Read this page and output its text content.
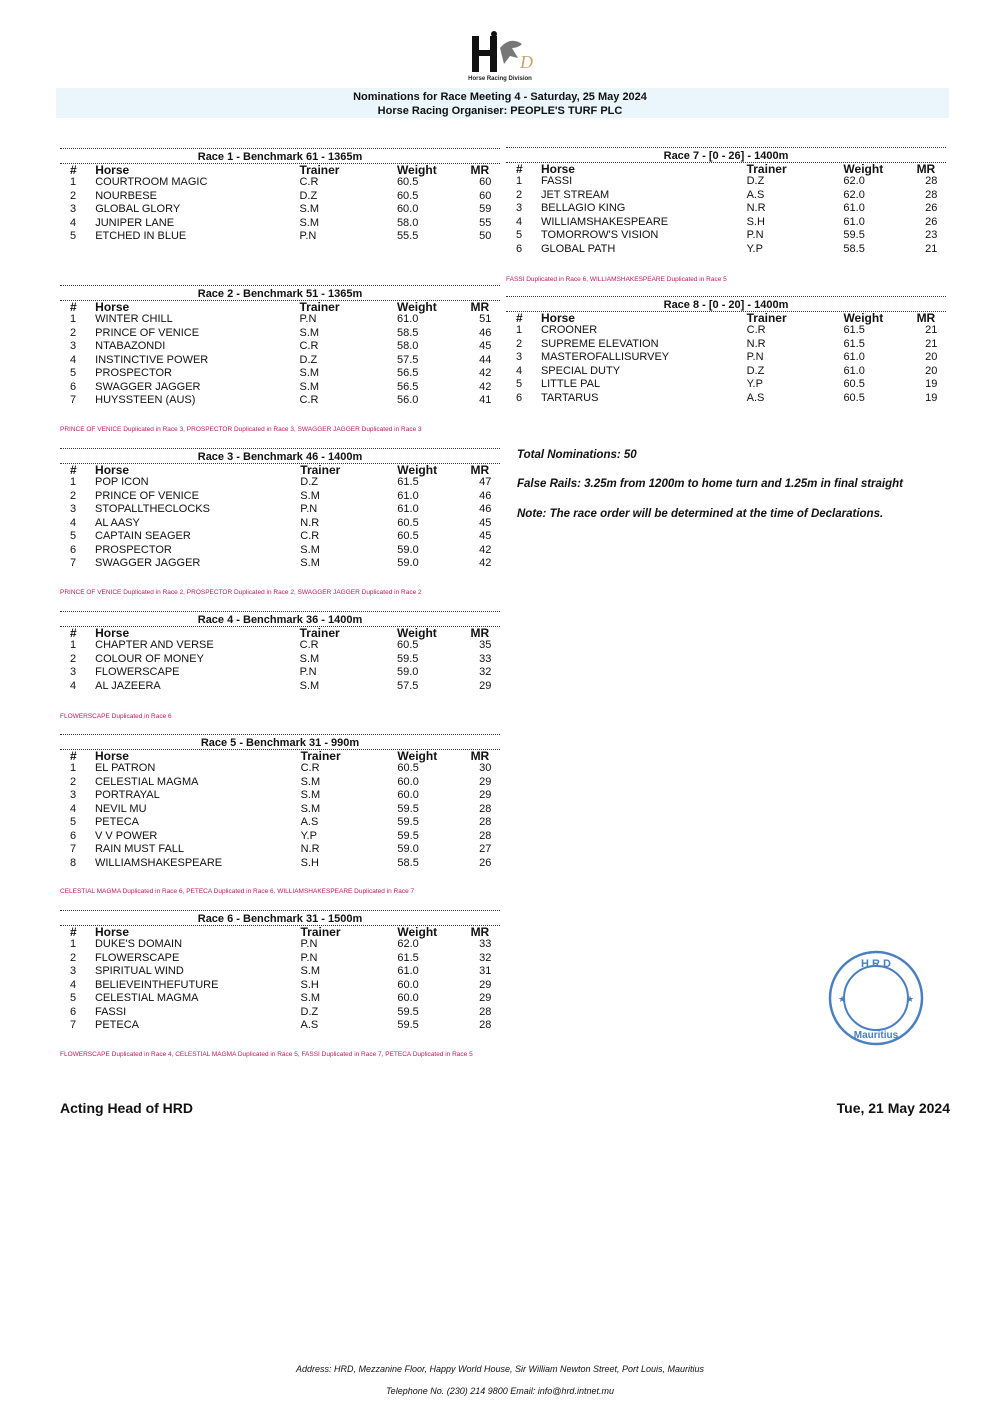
D
Horse Racing Division
Nominations for Race Meeting 4 - Saturday, 25 May 2024
Horse Racing Organiser: PEOPLE'S TURF PLC
Race 1 - Benchmark 61 - 1365m
#	Horse	Trainer	Weight	MR
1	COURTROOM MAGIC	C.R	60.5	60
2	NOURBESE	D.Z	60.5	60
3	GLOBAL GLORY	S.M	60.0	59
4	JUNIPER LANE	S.M	58.0	55
5	ETCHED IN BLUE	P.N	55.5	50
Race 2 - Benchmark 51 - 1365m
#	Horse	Trainer	Weight	MR
1	WINTER CHILL	P.N	61.0	51
2	PRINCE OF VENICE	S.M	58.5	46
3	NTABAZONDI	C.R	58.0	45
4	INSTINCTIVE POWER	D.Z	57.5	44
5	PROSPECTOR	S.M	56.5	42
6	SWAGGER JAGGER	S.M	56.5	42
7	HUYSSTEEN (AUS)	C.R	56.0	41
PRINCE OF VENICE Duplicated in Race 3, PROSPECTOR Duplicated in Race 3, SWAGGER JAGGER Duplicated in Race 3
Race 3 - Benchmark 46 - 1400m
#	Horse	Trainer	Weight	MR
1	POP ICON	D.Z	61.5	47
2	PRINCE OF VENICE	S.M	61.0	46
3	STOPALLTHECLOCKS	P.N	61.0	46
4	AL AASY	N.R	60.5	45
5	CAPTAIN SEAGER	C.R	60.5	45
6	PROSPECTOR	S.M	59.0	42
7	SWAGGER JAGGER	S.M	59.0	42
PRINCE OF VENICE Duplicated in Race 2, PROSPECTOR Duplicated in Race 2, SWAGGER JAGGER Duplicated in Race 2
Race 4 - Benchmark 36 - 1400m
#	Horse	Trainer	Weight	MR
1	CHAPTER AND VERSE	C.R	60.5	35
2	COLOUR OF MONEY	S.M	59.5	33
3	FLOWERSCAPE	P.N	59.0	32
4	AL JAZEERA	S.M	57.5	29
FLOWERSCAPE Duplicated in Race 6
Race 5 - Benchmark 31 - 990m
#	Horse	Trainer	Weight	MR
1	EL PATRON	C.R	60.5	30
2	CELESTIAL MAGMA	S.M	60.0	29
3	PORTRAYAL	S.M	60.0	29
4	NEVIL MU	S.M	59.5	28
5	PETECA	A.S	59.5	28
6	V V POWER	Y.P	59.5	28
7	RAIN MUST FALL	N.R	59.0	27
8	WILLIAMSHAKESPEARE	S.H	58.5	26
CELESTIAL MAGMA Duplicated in Race 6, PETECA Duplicated in Race 6, WILLIAMSHAKESPEARE Duplicated in Race 7
Race 6 - Benchmark 31 - 1500m
#	Horse	Trainer	Weight	MR
1	DUKE'S DOMAIN	P.N	62.0	33
2	FLOWERSCAPE	P.N	61.5	32
3	SPIRITUAL WIND	S.M	61.0	31
4	BELIEVEINTHEFUTURE	S.H	60.0	29
5	CELESTIAL MAGMA	S.M	60.0	29
6	FASSI	D.Z	59.5	28
7	PETECA	A.S	59.5	28
FLOWERSCAPE Duplicated in Race 4, CELESTIAL MAGMA Duplicated in Race 5, FASSI Duplicated in Race 7, PETECA Duplicated in Race 5
Race 7 - [0 - 26] - 1400m
#	Horse	Trainer	Weight	MR
1	FASSI	D.Z	62.0	28
2	JET STREAM	A.S	62.0	28
3	BELLAGIO KING	N.R	61.0	26
4	WILLIAMSHAKESPEARE	S.H	61.0	26
5	TOMORROW'S VISION	P.N	59.5	23
6	GLOBAL PATH	Y.P	58.5	21
FASSI Duplicated in Race 6, WILLIAMSHAKESPEARE Duplicated in Race 5
Race 8 - [0 - 20] - 1400m
#	Horse	Trainer	Weight	MR
1	CROONER	C.R	61.5	21
2	SUPREME ELEVATION	N.R	61.5	21
3	MASTEROFALLISURVEY	P.N	61.0	20
4	SPECIAL DUTY	D.Z	61.0	20
5	LITTLE PAL	Y.P	60.5	19
6	TARTARUS	A.S	60.5	19
Total Nominations: 50
False Rails: 3.25m from 1200m to home turn and 1.25m in final straight
Note: The race order will be determined at the time of Declarations.
H.R.D
Mauritius
★	★
Acting Head of HRD	Tue, 21 May 2024
Address: HRD, Mezzanine Floor, Happy World House, Sir William Newton Street, Port Louis, Mauritius
Telephone No. (230) 214 9800 Email: info@hrd.intnet.mu
